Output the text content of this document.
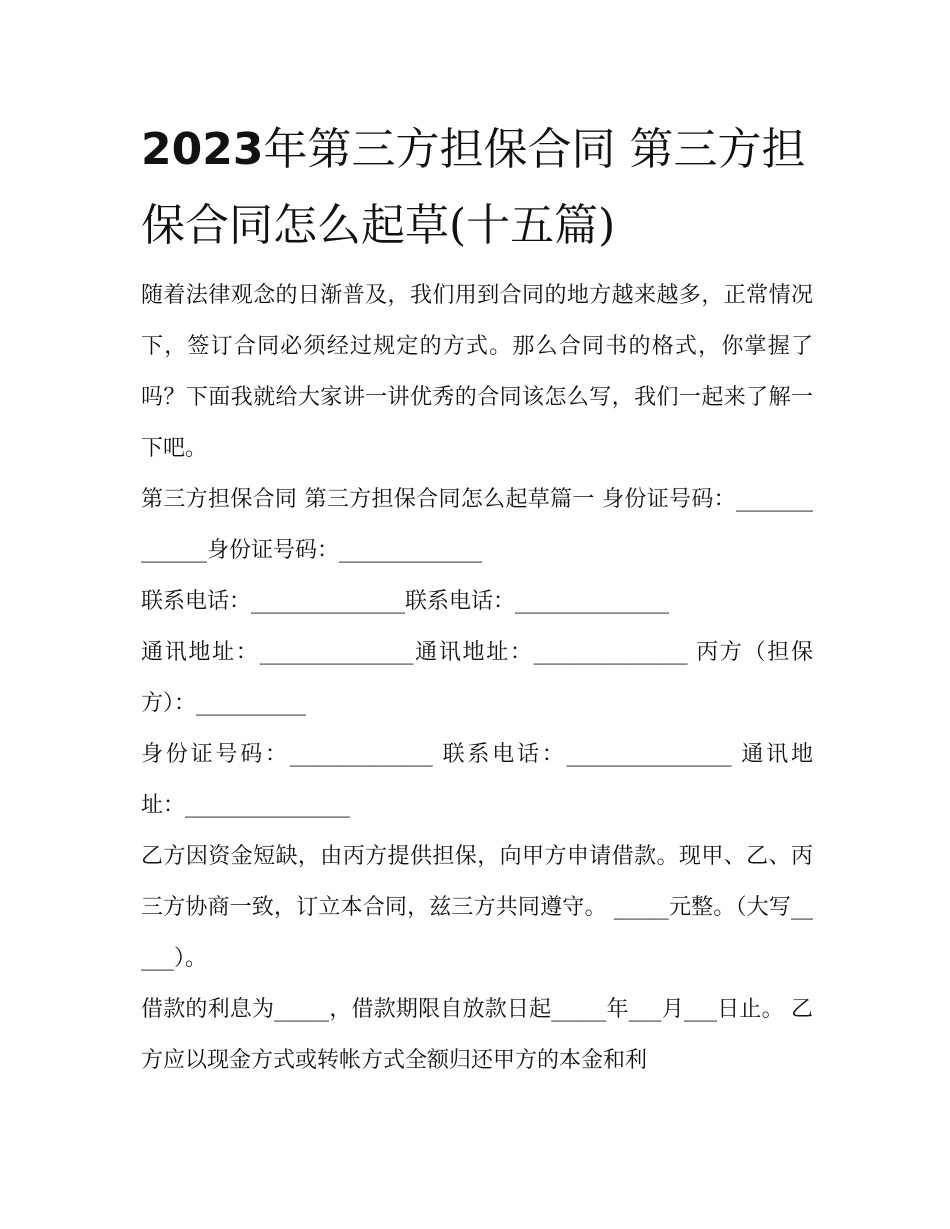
2023年第三方担保合同 第三方担保合同怎么起草(十五篇)

随着法律观念的日渐普及，我们用到合同的地方越来越多，正常情况下，签订合同必须经过规定的方式。那么合同书的格式，你掌握了吗？下面我就给大家讲一讲优秀的合同该怎么写，我们一起来了解一下吧。

第三方担保合同 第三方担保合同怎么起草篇一 身份证号码：_____________身份证号码：_____________

联系电话：______________联系电话：______________

通讯地址：______________通讯地址：______________ 丙方（担保方）：__________

身份证号码：_____________ 联系电话：_______________ 通讯地址：_______________

乙方因资金短缺，由丙方提供担保，向甲方申请借款。现甲、乙、丙三方协商一致，订立本合同，兹三方共同遵守。 _____元整。（大写_____）。

借款的利息为_____，借款期限自放款日起_____年___月___日止。 乙方应以现金方式或转帐方式全额归还甲方的本金和利
